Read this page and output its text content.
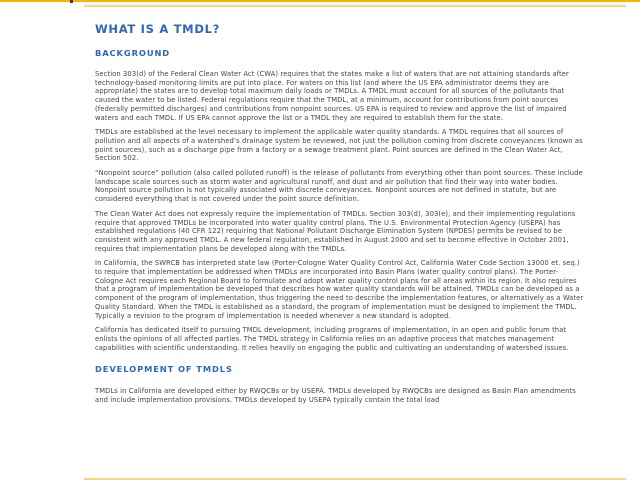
WHAT IS A TMDL?
BACKGROUND

Section 303(d) of the Federal Clean Water Act (CWA) requires that the states make a list of waters that are not attaining standards after technology-based monitoring limits are put into place. For waters on this list (and where the US EPA administrator deems they are appropriate) the states are to develop total maximum daily loads or TMDLs. A TMDL must account for all sources of the pollutants that caused the water to be listed. Federal regulations require that the TMDL, at a minimum, account for contributions from point sources (federally permitted discharges) and contributions from nonpoint sources. US EPA is required to review and approve the list of impaired waters and each TMDL. If US EPA cannot approve the list or a TMDL they are required to establish them for the state.

TMDLs are established at the level necessary to implement the applicable water quality standards. A TMDL requires that all sources of pollution and all aspects of a watershed’s drainage system be reviewed, not just the pollution coming from discrete conveyances (known as point sources), such as a discharge pipe from a factory or a sewage treatment plant. Point sources are defined in the Clean Water Act, Section 502.

“Nonpoint source” pollution (also called polluted runoff) is the release of pollutants from everything other than point sources. These include landscape scale sources such as storm water and agricultural runoff, and dust and air pollution that find their way into water bodies. Nonpoint source pollution is not typically associated with discrete conveyances. Nonpoint sources are not defined in statute, but are considered everything that is not covered under the point source definition.

The Clean Water Act does not expressly require the implementation of TMDLs. Section 303(d), 303(e), and their implementing regulations require that approved TMDLs be incorporated into water quality control plans. The U.S. Environmental Protection Agency (USEPA) has established regulations (40 CFR 122) requiring that National Pollutant Discharge Elimination System (NPDES) permits be revised to be consistent with any approved TMDL. A new federal regulation, established in August 2000 and set to become effective in October 2001, requires that implementation plans be developed along with the TMDLs.

In California, the SWRCB has interpreted state law (Porter-Cologne Water Quality Control Act, California Water Code Section 13000 et. seq.) to require that implementation be addressed when TMDLs are incorporated into Basin Plans (water quality control plans). The Porter-Cologne Act requires each Regional Board to formulate and adopt water quality control plans for all areas within its region. It also requires that a program of implementation be developed that describes how water quality standards will be attained. TMDLs can be developed as a component of the program of implementation, thus triggering the need to describe the implementation features, or alternatively as a Water Quality Standard. When the TMDL is established as a standard, the program of implementation must be designed to implement the TMDL. Typically a revision to the program of implementation is needed whenever a new standard is adopted.

California has dedicated itself to pursuing TMDL development, including programs of implementation, in an open and public forum that enlists the opinions of all affected parties. The TMDL strategy in California relies on an adaptive process that matches management capabilities with scientific understanding. It relies heavily on engaging the public and cultivating an understanding of watershed issues.

DEVELOPMENT OF TMDLS

TMDLs in California are developed either by RWQCBs or by USEPA. TMDLs developed by RWQCBs are designed as Basin Plan amendments and include implementation provisions. TMDLs developed by USEPA typically contain the total load
